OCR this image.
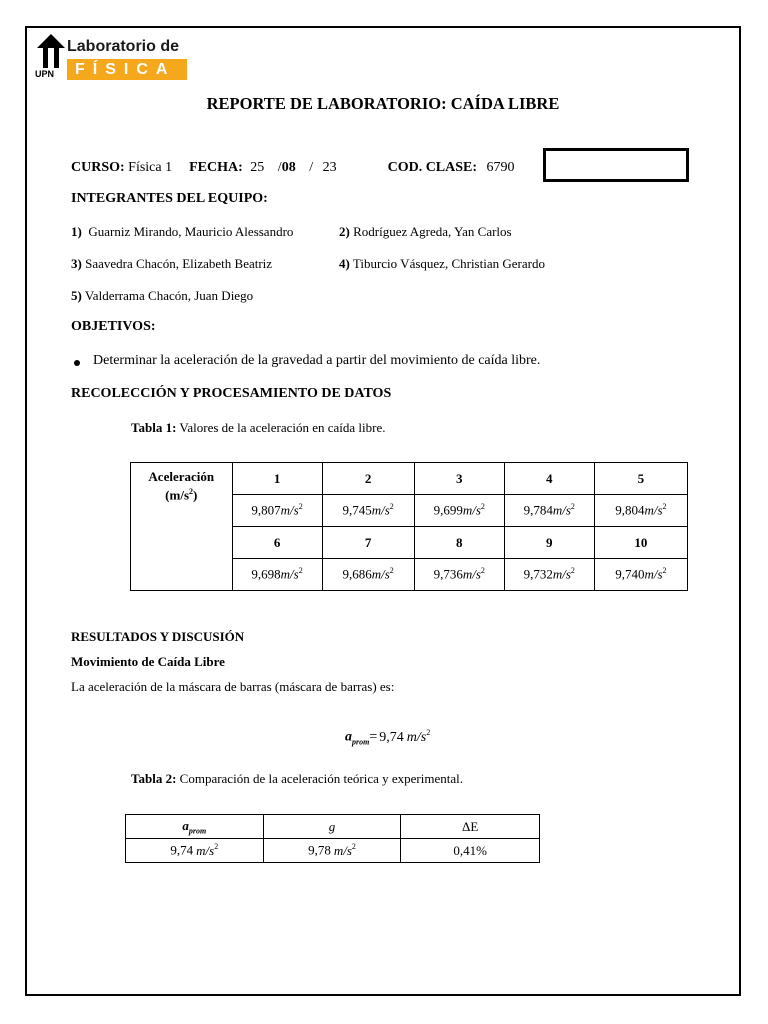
UPN
Laboratorio de
FÍSICA
REPORTE DE LABORATORIO: CAÍDA LIBRE
CURSO: Física 1 FECHA: 25 /08 / 23	COD. CLASE: 6790
INTEGRANTES DEL EQUIPO:
1) Guarniz Mirando, Mauricio Alessandro	2) Rodríguez Agreda, Yan Carlos
3) Saavedra Chacón, Elizabeth Beatriz	4) Tiburcio Vásquez, Christian Gerardo
5) Valderrama Chacón, Juan Diego
OBJETIVOS:
Determinar la aceleración de la gravedad a partir del movimiento de caída libre.
RECOLECCIÓN Y PROCESAMIENTO DE DATOS
Tabla 1: Valores de la aceleración en caída libre.
Aceleración
$(m/s^2)$	1	2	3	4	5
	$9,807m/s^2$	$9,745m/s^2$	$9,699m/s^2$	$9,784m/s^2$	$9,804m/s^2$
	6	7	8	9	10
	$9,698m/s^2$	$9,686m/s^2$	$9,736m/s^2$	$9,732m/s^2$	$9,740m/s^2$
RESULTADOS Y DISCUSIÓN
Movimiento de Caída Libre
La aceleración de la máscara de barras (máscara de barras) es:
$a_{prom}= 9,74$ $m/s^2$
Tabla 2: Comparación de la aceleración teórica y experimental.
$a_{prom}$	g	ΔE
9,74 $m/s^2$	9,78 $m/s^2$	0,41%
